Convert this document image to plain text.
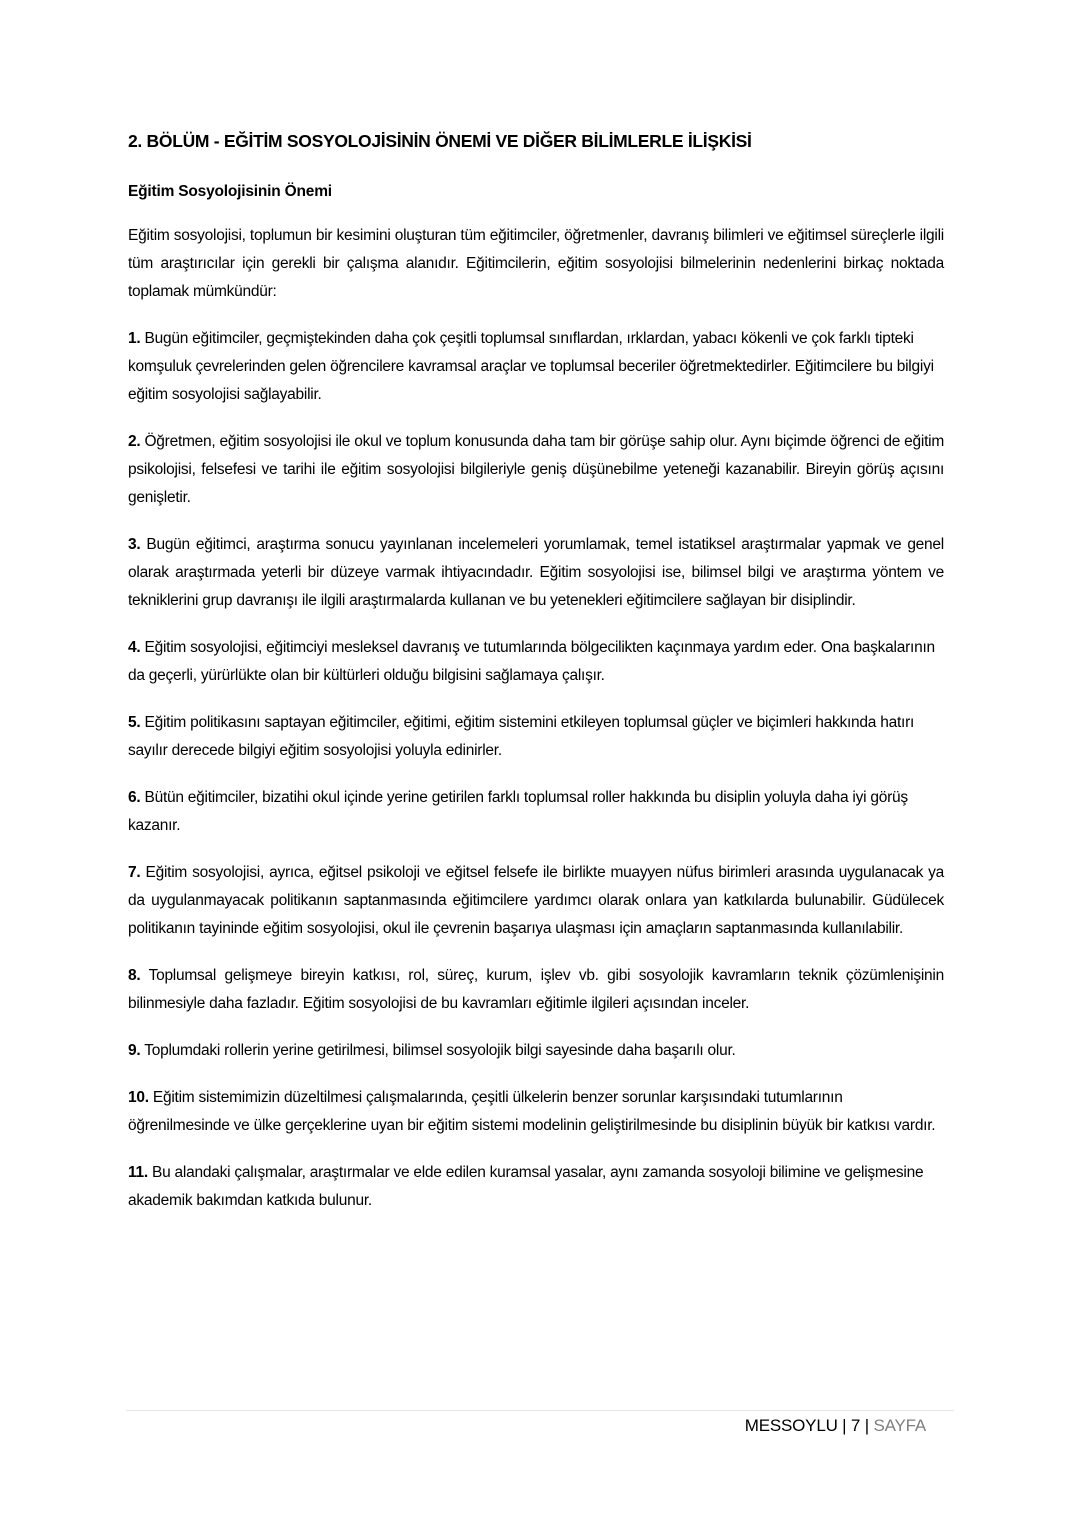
2. BÖLÜM - EĞİTİM SOSYOLOJİSİNİN ÖNEMİ VE DİĞER BİLİMLERLE İLİŞKİSİ
Eğitim Sosyolojisinin Önemi

Eğitim sosyolojisi, toplumun bir kesimini oluşturan tüm eğitimciler, öğretmenler, davranış bilimleri ve eğitimsel süreçlerle ilgili tüm araştırıcılar için gerekli bir çalışma alanıdır. Eğitimcilerin, eğitim sosyolojisi bilmelerinin nedenlerini birkaç noktada toplamak mümkündür:

1. Bugün eğitimciler, geçmiştekinden daha çok çeşitli toplumsal sınıflardan, ırklardan, yabacı kökenli ve çok farklı tipteki komşuluk çevrelerinden gelen öğrencilere kavramsal araçlar ve toplumsal beceriler öğretmektedirler. Eğitimcilere bu bilgiyi eğitim sosyolojisi sağlayabilir.

2. Öğretmen, eğitim sosyolojisi ile okul ve toplum konusunda daha tam bir görüşe sahip olur. Aynı biçimde öğrenci de eğitim psikolojisi, felsefesi ve tarihi ile eğitim sosyolojisi bilgileriyle geniş düşünebilme yeteneği kazanabilir. Bireyin görüş açısını genişletir.

3. Bugün eğitimci, araştırma sonucu yayınlanan incelemeleri yorumlamak, temel istatiksel araştırmalar yapmak ve genel olarak araştırmada yeterli bir düzeye varmak ihtiyacındadır. Eğitim sosyolojisi ise, bilimsel bilgi ve araştırma yöntem ve tekniklerini grup davranışı ile ilgili araştırmalarda kullanan ve bu yetenekleri eğitimcilere sağlayan bir disiplindir.

4. Eğitim sosyolojisi, eğitimciyi mesleksel davranış ve tutumlarında bölgecilikten kaçınmaya yardım eder. Ona başkalarının da geçerli, yürürlükte olan bir kültürleri olduğu bilgisini sağlamaya çalışır.

5. Eğitim politikasını saptayan eğitimciler, eğitimi, eğitim sistemini etkileyen toplumsal güçler ve biçimleri hakkında hatırı sayılır derecede bilgiyi eğitim sosyolojisi yoluyla edinirler.

6. Bütün eğitimciler, bizatihi okul içinde yerine getirilen farklı toplumsal roller hakkında bu disiplin yoluyla daha iyi görüş kazanır.

7. Eğitim sosyolojisi, ayrıca, eğitsel psikoloji ve eğitsel felsefe ile birlikte muayyen nüfus birimleri arasında uygulanacak ya da uygulanmayacak politikanın saptanmasında eğitimcilere yardımcı olarak onlara yan katkılarda bulunabilir. Güdülecek politikanın tayininde eğitim sosyolojisi, okul ile çevrenin başarıya ulaşması için amaçların saptanmasında kullanılabilir.

8. Toplumsal gelişmeye bireyin katkısı, rol, süreç, kurum, işlev vb. gibi sosyolojik kavramların teknik çözümlenişinin bilinmesiyle daha fazladır. Eğitim sosyolojisi de bu kavramları eğitimle ilgileri açısından inceler.

9. Toplumdaki rollerin yerine getirilmesi, bilimsel sosyolojik bilgi sayesinde daha başarılı olur.

10. Eğitim sistemimizin düzeltilmesi çalışmalarında, çeşitli ülkelerin benzer sorunlar karşısındaki tutumlarının öğrenilmesinde ve ülke gerçeklerine uyan bir eğitim sistemi modelinin geliştirilmesinde bu disiplinin büyük bir katkısı vardır.

11. Bu alandaki çalışmalar, araştırmalar ve elde edilen kuramsal yasalar, aynı zamanda sosyoloji bilimine ve gelişmesine akademik bakımdan katkıda bulunur.

MESSOYLU | 7 | SAYFA
